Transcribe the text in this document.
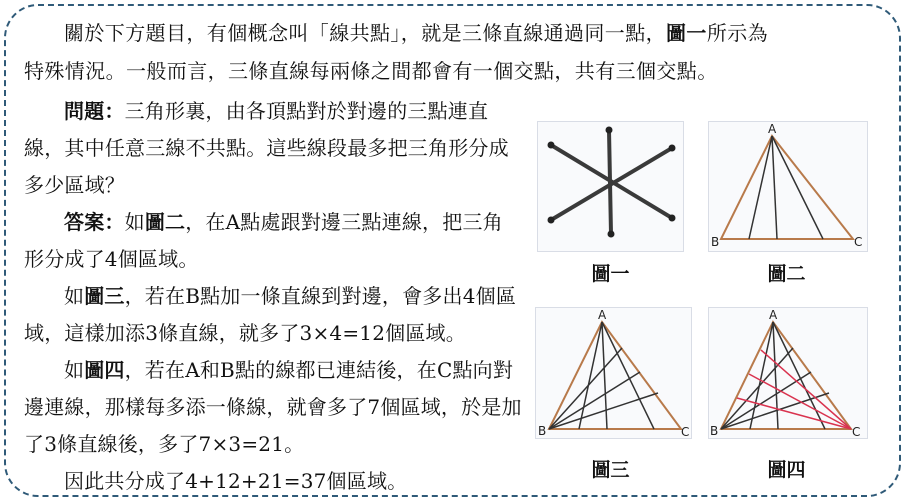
關於下方題目，有個概念叫「線共點」，就是三條直線通過同一點，圖一所示為

特殊情況。一般而言，三條直線每兩條之間都會有一個交點，共有三個交點。

問題：三角形裏，由各頂點對於對邊的三點連直線，其中任意三線不共點。這些線段最多把三角形分成多少區域？

答案：如圖二，在A點處跟對邊三點連線，把三角形分成了4個區域。

如圖三，若在B點加一條直線到對邊，會多出4個區域，這樣加添3條直線，就多了3×4=12個區域。

如圖四，若在A和B點的線都已連結後，在C點向對邊連線，那樣每多添一條線，就會多了7個區域，於是加了3條直線後，多了7×3=21。

因此共分成了4+12+21=37個區域。

圖一
A
B	C
圖二
A
B	C
圖三
A
B	C
圖四
